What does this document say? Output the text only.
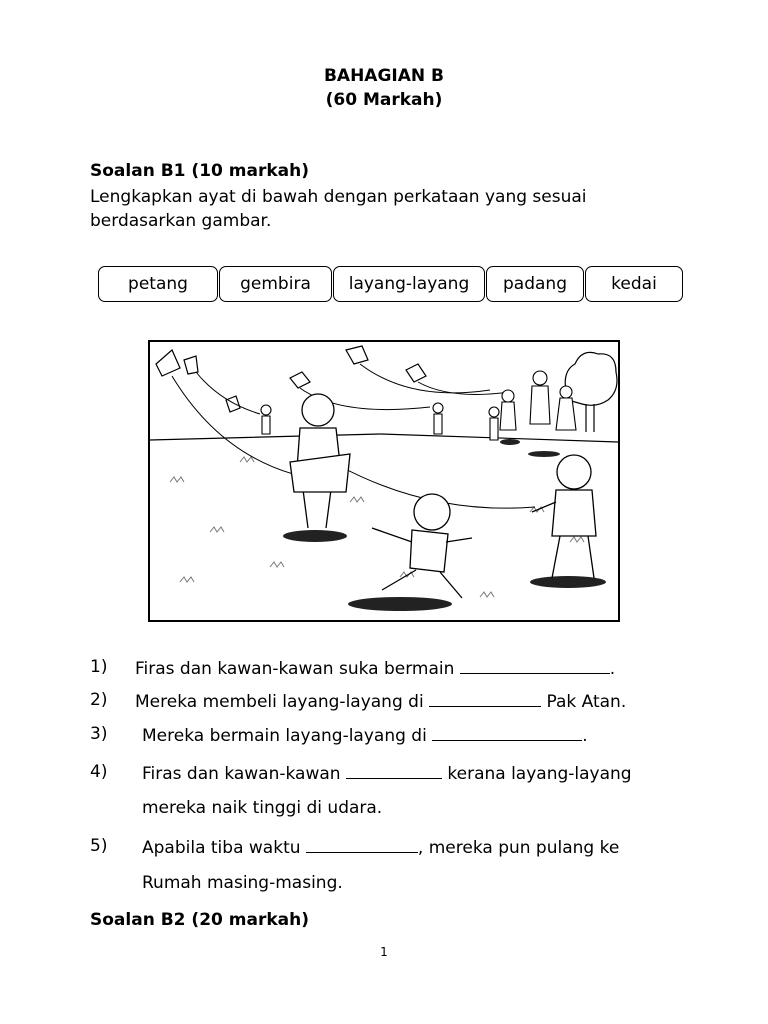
BAHAGIAN B
(60 Markah)
Soalan B1 (10 markah)
Lengkapkan ayat di bawah dengan perkataan yang sesuai berdasarkan gambar.
petang	gembira	layang-layang	padang	kedai
1) Firas dan kawan-kawan suka bermain	.
2) Mereka membeli layang-layang di	Pak Atan.
3) Mereka bermain layang-layang di	.
4) Firas dan kawan-kawan	kerana layang-layang
mereka naik tinggi di udara.
5) Apabila tiba waktu	, mereka pun pulang ke
Rumah masing-masing.
Soalan B2 (20 markah)
1
